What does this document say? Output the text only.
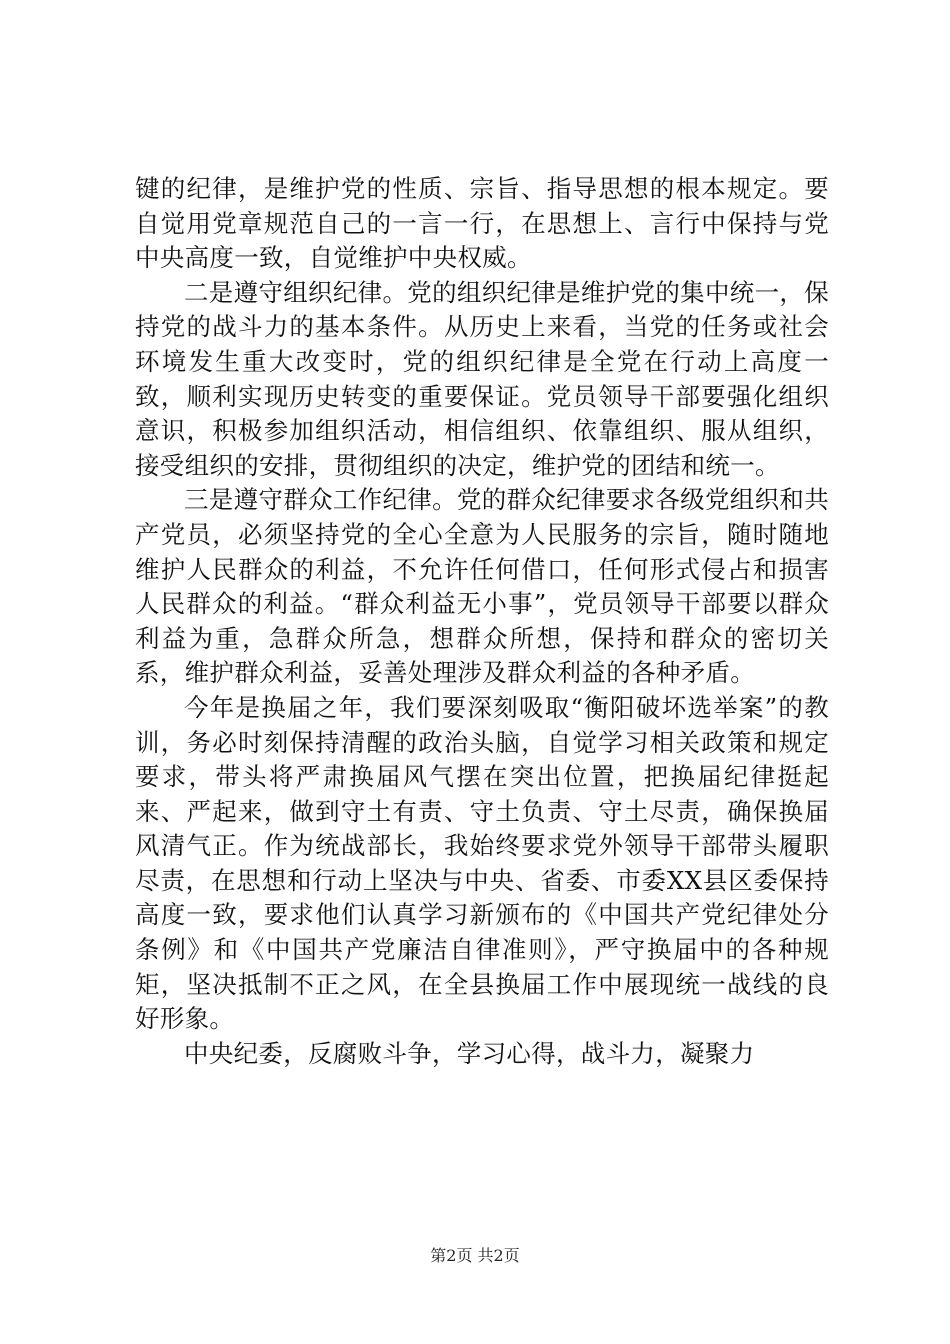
键的纪律，是维护党的性质、宗旨、指导思想的根本规定。要自觉用党章规范自己的一言一行，在思想上、言行中保持与党中央高度一致，自觉维护中央权威。

二是遵守组织纪律。党的组织纪律是维护党的集中统一，保持党的战斗力的基本条件。从历史上来看，当党的任务或社会环境发生重大改变时，党的组织纪律是全党在行动上高度一致，顺利实现历史转变的重要保证。党员领导干部要强化组织意识，积极参加组织活动，相信组织、依靠组织、服从组织，接受组织的安排，贯彻组织的决定，维护党的团结和统一。

三是遵守群众工作纪律。党的群众纪律要求各级党组织和共产党员，必须坚持党的全心全意为人民服务的宗旨，随时随地维护人民群众的利益，不允许任何借口，任何形式侵占和损害人民群众的利益。“群众利益无小事”，党员领导干部要以群众利益为重，急群众所急，想群众所想，保持和群众的密切关系，维护群众利益，妥善处理涉及群众利益的各种矛盾。

今年是换届之年，我们要深刻吸取“衡阳破坏选举案”的教训，务必时刻保持清醒的政治头脑，自觉学习相关政策和规定要求，带头将严肃换届风气摆在突出位置，把换届纪律挺起来、严起来，做到守土有责、守土负责、守土尽责，确保换届风清气正。作为统战部长，我始终要求党外领导干部带头履职尽责，在思想和行动上坚决与中央、省委、市委XX县区委保持高度一致，要求他们认真学习新颁布的《中国共产党纪律处分条例》和《中国共产党廉洁自律准则》，严守换届中的各种规矩，坚决抵制不正之风，在全县换届工作中展现统一战线的良好形象。

中央纪委，反腐败斗争，学习心得，战斗力，凝聚力

第2页 共2页
